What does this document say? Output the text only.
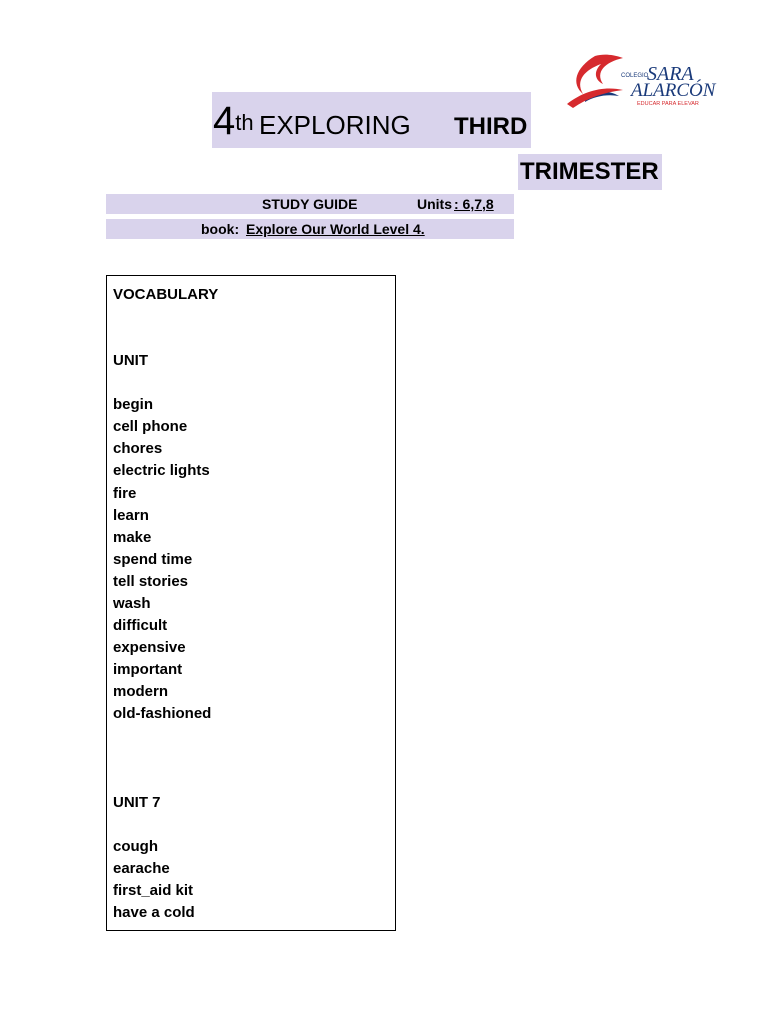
4th EXPLORING THIRD
TRIMESTER
COLEGIO
SARA
ALARCÓN
EDUCAR PARA ELEVAR
STUDY GUIDE	Units : 6,7,8
book: Explore Our World Level 4.
VOCABULARY
UNIT
begin
cell phone
chores
electric lights
fire
learn
make
spend time
tell stories
wash
difficult
expensive
important
modern
old-fashioned
UNIT 7
cough
earache
first_aid kit
have a cold
